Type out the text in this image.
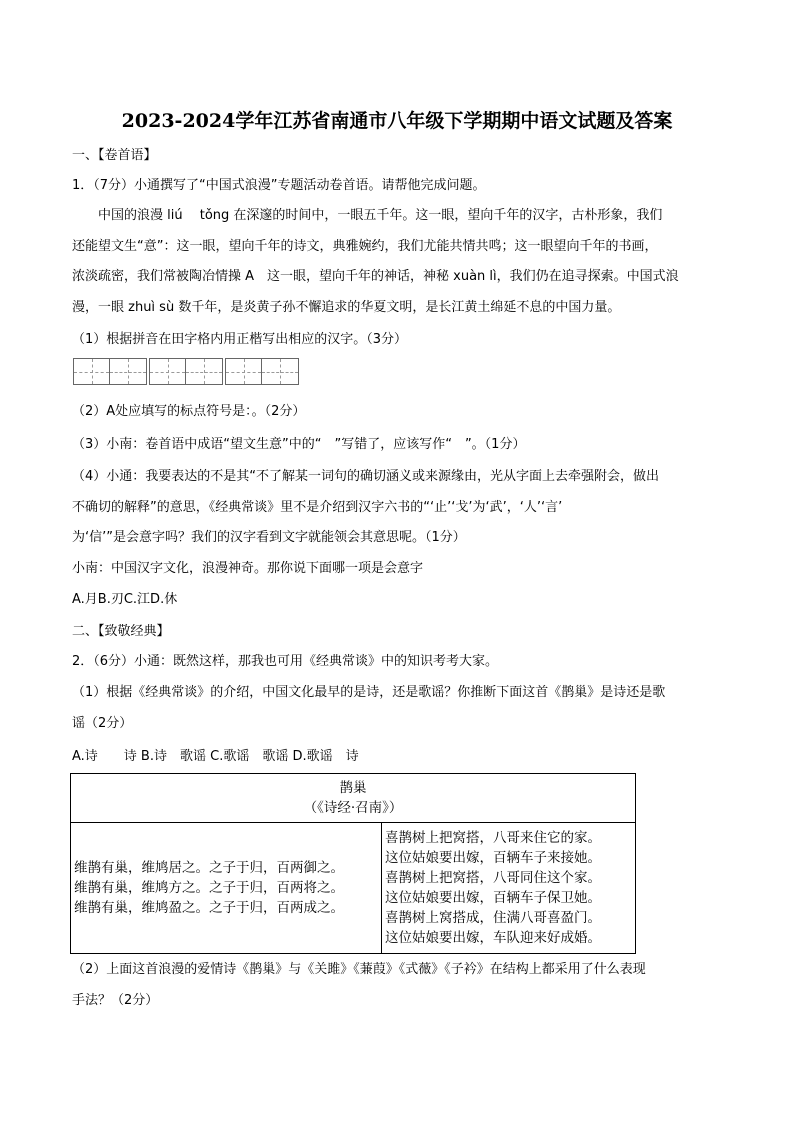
2023-2024学年江苏省南通市八年级下学期期中语文试题及答案
一、【卷首语】
1．（7分）小通撰写了“中国式浪漫”专题活动卷首语。请帮他完成问题。
　　中国的浪漫 liú　 tǒng 在深邃的时间中，一眼五千年。这一眼，望向千年的汉字，古朴形象，我们
还能望文生“意”：这一眼，望向千年的诗文，典雅婉约，我们尤能共情共鸣；这一眼望向千年的书画，
浓淡疏密，我们常被陶冶情操 A　这一眼，望向千年的神话，神秘 xuàn lì，我们仍在追寻探索。中国式浪
漫，一眼 zhuì sù 数千年，是炎黄子孙不懈追求的华夏文明，是长江黄土绵延不息的中国力量。
（1）根据拼音在田字格内用正楷写出相应的汉字。（3分）
（2）A处应填写的标点符号是：。（2分）
（3）小南：卷首语中成语“望文生意”中的“　”写错了，应该写作“　”。（1分）
（4）小通：我要表达的不是其“不了解某一词句的确切涵义或来源缘由，光从字面上去牵强附会，做出
不确切的解释”的意思，《经典常谈》里不是介绍到汉字六书的“‘止’‘戈’为‘武’，‘人’‘言’
为‘信’”是会意字吗？我们的汉字看到文字就能领会其意思呢。（1分）
小南：中国汉字文化，浪漫神奇。那你说下面哪一项是会意字
A.月B.刃C.江D.休
二、【致敬经典】
2．（6分）小通：既然这样，那我也可用《经典常谈》中的知识考考大家。
（1）根据《经典常谈》的介绍，中国文化最早的是诗，还是歌谣？你推断下面这首《鹊巢》是诗还是歌
谣（2分）
A.诗　　诗 B.诗　歌谣 C.歌谣　歌谣 D.歌谣　诗
鹊巢
（《诗经·召南》）

维鹊有巢，维鸠居之。之子于归，百两御之。
维鹊有巢，维鸠方之。之子于归，百两将之。
维鹊有巢，维鸠盈之。之子于归，百两成之。

喜鹊树上把窝搭，八哥来住它的家。
这位姑娘要出嫁，百辆车子来接她。
喜鹊树上把窝搭，八哥同住这个家。
这位姑娘要出嫁，百辆车子保卫她。
喜鹊树上窝搭成，住满八哥喜盈门。
这位姑娘要出嫁，车队迎来好成婚。
（2）上面这首浪漫的爱情诗《鹊巢》与《关雎》《蒹葭》《式薇》《子衿》在结构上都采用了什么表现
手法？（2分）
